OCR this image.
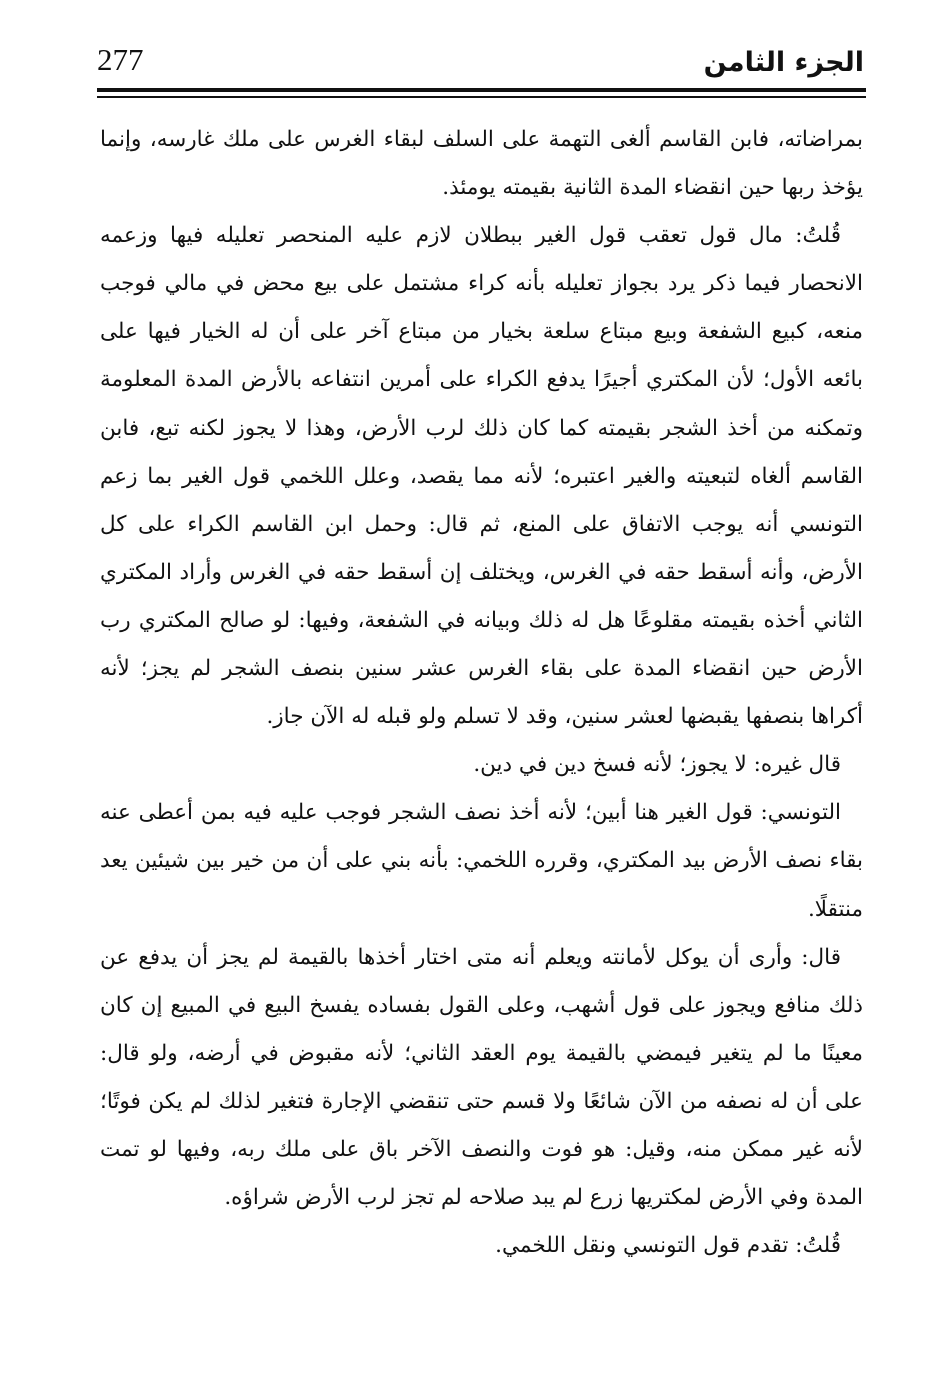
277	الجزء الثامن

بمراضاته، فابن القاسم ألغى التهمة على السلف لبقاء الغرس على ملك غارسه، وإنما يؤخذ ربها حين انقضاء المدة الثانية بقيمته يومئذ.

قُلتُ: مال قول تعقب قول الغير ببطلان لازم عليه المنحصر تعليله فيها وزعمه الانحصار فيما ذكر يرد بجواز تعليله بأنه كراء مشتمل على بيع محض في مالي فوجب منعه، كبيع الشفعة وبيع مبتاع سلعة بخيار من مبتاع آخر على أن له الخيار فيها على بائعه الأول؛ لأن المكتري أجيرًا يدفع الكراء على أمرين انتفاعه بالأرض المدة المعلومة وتمكنه من أخذ الشجر بقيمته كما كان ذلك لرب الأرض، وهذا لا يجوز لكنه تبع، فابن القاسم ألغاه لتبعيته والغير اعتبره؛ لأنه مما يقصد، وعلل اللخمي قول الغير بما زعم التونسي أنه يوجب الاتفاق على المنع، ثم قال: وحمل ابن القاسم الكراء على كل الأرض، وأنه أسقط حقه في الغرس، ويختلف إن أسقط حقه في الغرس وأراد المكتري الثاني أخذه بقيمته مقلوعًا هل له ذلك وبيانه في الشفعة، وفيها: لو صالح المكتري رب الأرض حين انقضاء المدة على بقاء الغرس عشر سنين بنصف الشجر لم يجز؛ لأنه أكراها بنصفها يقبضها لعشر سنين، وقد لا تسلم ولو قبله له الآن جاز.

قال غيره: لا يجوز؛ لأنه فسخ دين في دين.

التونسي: قول الغير هنا أبين؛ لأنه أخذ نصف الشجر فوجب عليه فيه بمن أعطى عنه بقاء نصف الأرض بيد المكتري، وقرره اللخمي: بأنه بني على أن من خير بين شيئين يعد منتقلًا.

قال: وأرى أن يوكل لأمانته ويعلم أنه متى اختار أخذها بالقيمة لم يجز أن يدفع عن ذلك منافع ويجوز على قول أشهب، وعلى القول بفساده يفسخ البيع في المبيع إن كان معينًا ما لم يتغير فيمضي بالقيمة يوم العقد الثاني؛ لأنه مقبوض في أرضه، ولو قال: على أن له نصفه من الآن شائعًا ولا قسم حتى تنقضي الإجارة فتغير لذلك لم يكن فوتًا؛ لأنه غير ممكن منه، وقيل: هو فوت والنصف الآخر باق على ملك ربه، وفيها لو تمت المدة وفي الأرض لمكتريها زرع لم يبد صلاحه لم تجز لرب الأرض شراؤه.

قُلتُ: تقدم قول التونسي ونقل اللخمي.
